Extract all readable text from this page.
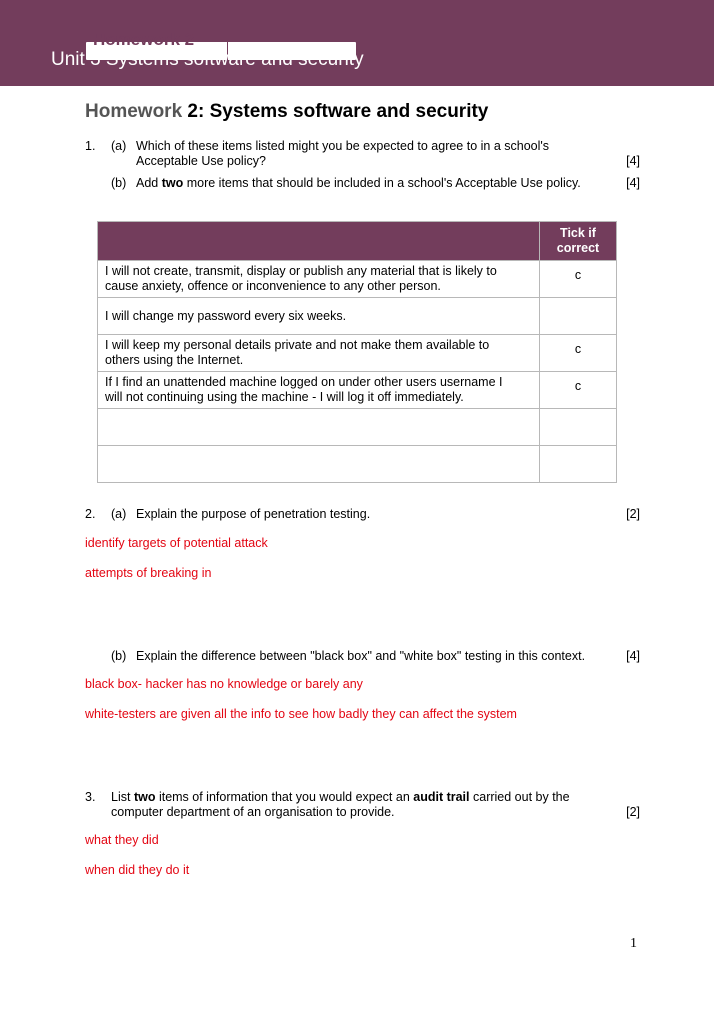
Homework 2
Unit 3 Systems software and security
Homework 2: Systems software and security
1. (a) Which of these items listed might you be expected to agree to in a school's
Acceptable Use policy?	[4]
(b) Add two more items that should be included in a school's Acceptable Use policy.	[4]
	Tick if
correct
I will not create, transmit, display or publish any material that is likely to
cause anxiety, offence or inconvenience to any other person.	c
I will change my password every six weeks.	
I will keep my personal details private and not make them available to
others using the Internet.	c
If I find an unattended machine logged on under other users username I
will not continuing using the machine - I will log it off immediately.	c

2. (a) Explain the purpose of penetration testing.	[2]
identify targets of potential attack
attempts of breaking in
(b) Explain the difference between "black box" and "white box" testing in this context.	[4]
black box- hacker has no knowledge or barely any
white-testers are given all the info to see how badly they can affect the system
3. List two items of information that you would expect an audit trail carried out by the
computer department of an organisation to provide.	[2]
what they did
when did they do it
1
